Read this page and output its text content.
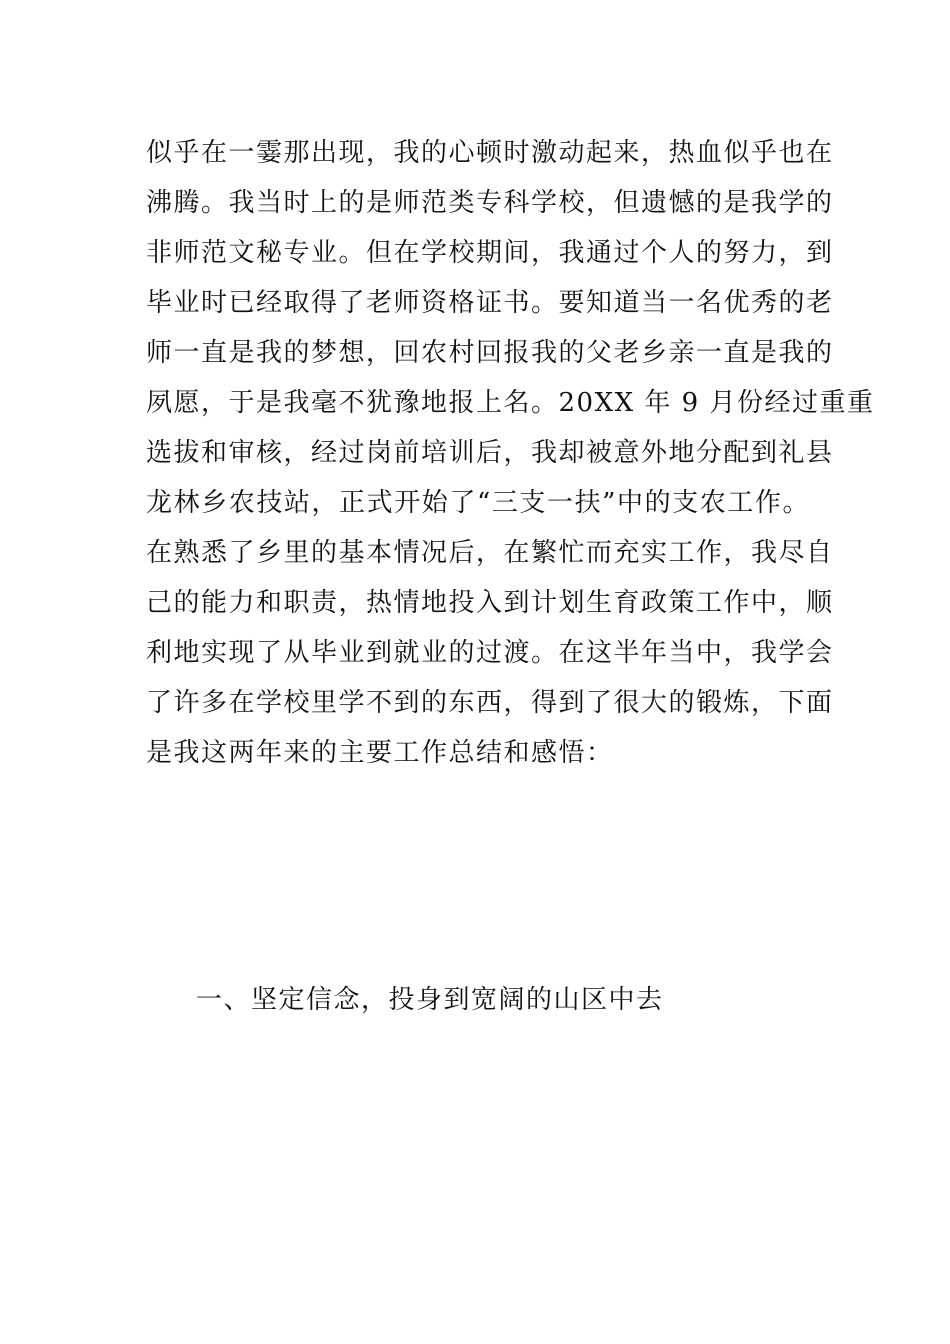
似乎在一霎那出现，我的心顿时激动起来，热血似乎也在
沸腾。我当时上的是师范类专科学校，但遗憾的是我学的
非师范文秘专业。但在学校期间，我通过个人的努力，到
毕业时已经取得了老师资格证书。要知道当一名优秀的老
师一直是我的梦想，回农村回报我的父老乡亲一直是我的
夙愿，于是我毫不犹豫地报上名。20XX 年 9 月份经过重重
选拔和审核，经过岗前培训后，我却被意外地分配到礼县
龙林乡农技站，正式开始了“三支一扶”中的支农工作。
在熟悉了乡里的基本情况后，在繁忙而充实工作，我尽自
己的能力和职责，热情地投入到计划生育政策工作中，顺
利地实现了从毕业到就业的过渡。在这半年当中，我学会
了许多在学校里学不到的东西，得到了很大的锻炼，下面
是我这两年来的主要工作总结和感悟：
一、坚定信念，投身到宽阔的山区中去
